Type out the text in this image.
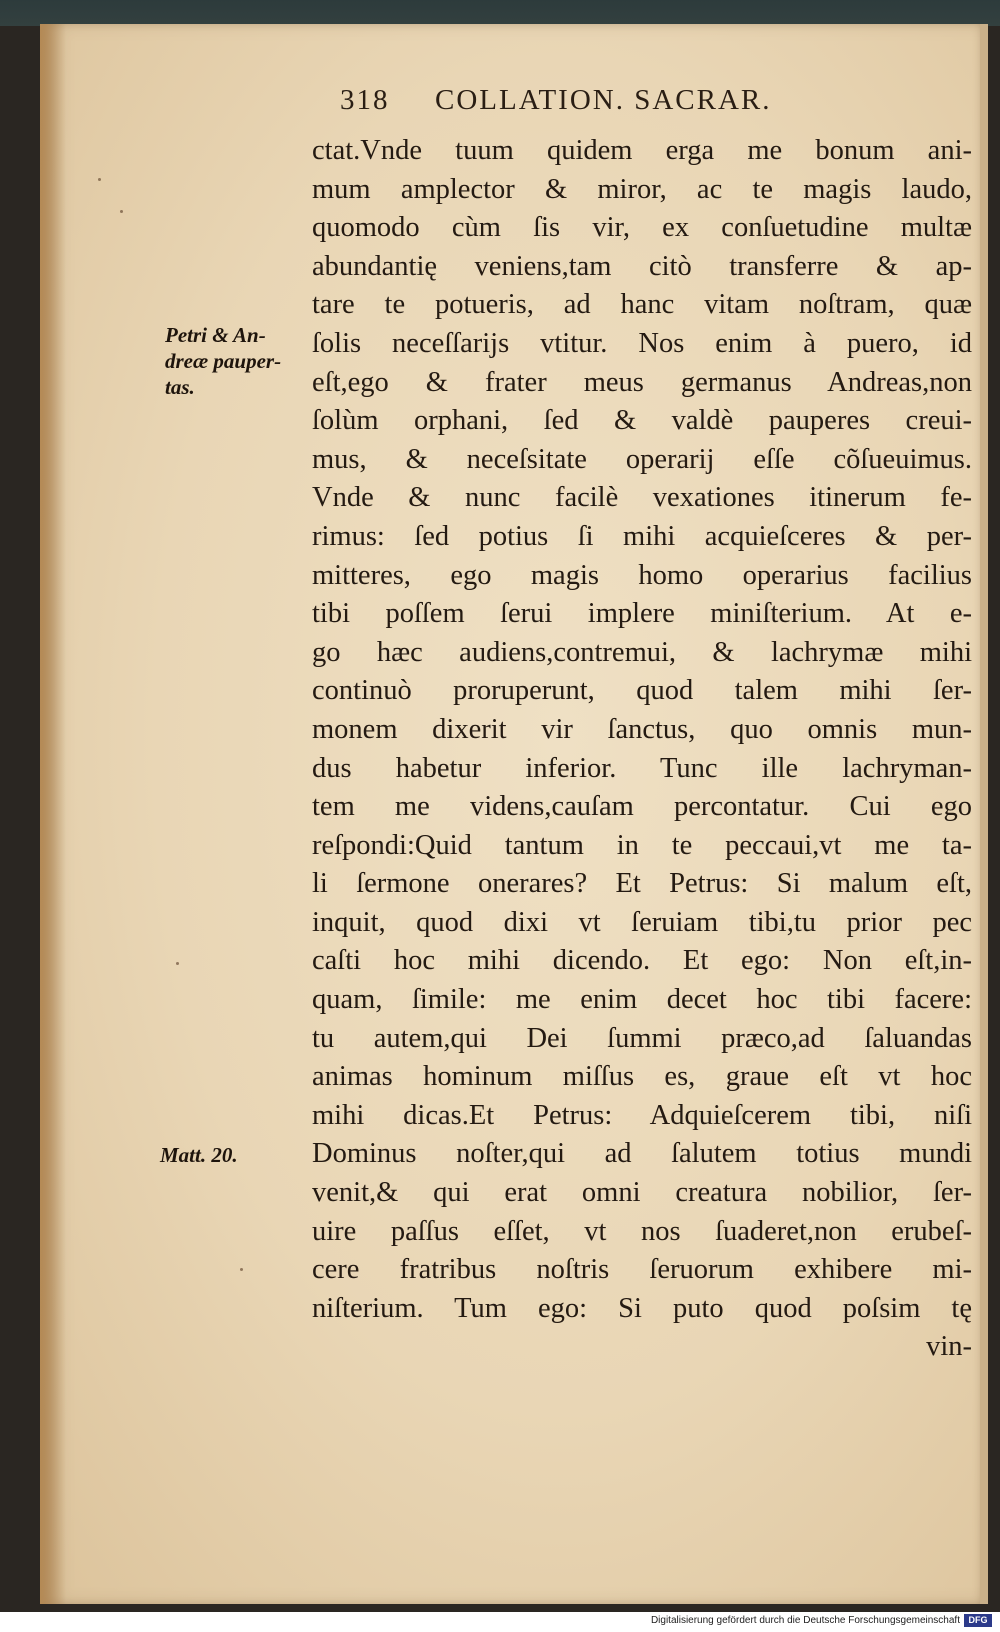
318 COLLATION. SACRAR.
Petri & An-
dreæ pauper-
tas.
Matt. 20.
ctat.Vnde tuum quidem erga me bonum ani-
mum amplector & miror, ac te magis laudo,
quomodo cùm ſis vir, ex conſuetudine multæ
abundantię veniens,tam citò transferre & ap-
tare te potueris, ad hanc vitam noſtram, quæ
ſolis neceſſarijs vtitur. Nos enim à puero, id
eſt,ego & frater meus germanus Andreas,non
ſolùm orphani, ſed & valdè pauperes creui-
mus, & neceſsitate operarij eſſe cõſueuimus.
Vnde & nunc facilè vexationes itinerum fe-
rimus: ſed potius ſi mihi acquieſceres & per-
mitteres, ego magis homo operarius facilius
tibi poſſem ſerui implere miniſterium. At e-
go hæc audiens,contremui, & lachrymæ mihi
continuò proruperunt, quod talem mihi ſer-
monem dixerit vir ſanctus, quo omnis mun-
dus habetur inferior. Tunc ille lachryman-
tem me videns,cauſam percontatur. Cui ego
reſpondi:Quid tantum in te peccaui,vt me ta-
li ſermone onerares? Et Petrus: Si malum eſt,
inquit, quod dixi vt ſeruiam tibi,tu prior pec
caſti hoc mihi dicendo. Et ego: Non eſt,in-
quam, ſimile: me enim decet hoc tibi facere:
tu autem,qui Dei ſummi præco,ad ſaluandas
animas hominum miſſus es, graue eſt vt hoc
mihi dicas.Et Petrus: Adquieſcerem tibi, niſi
Dominus noſter,qui ad ſalutem totius mundi
venit,& qui erat omni creatura nobilior, ſer-
uire paſſus eſſet, vt nos ſuaderet,non erubeſ-
cere fratribus noſtris ſeruorum exhibere mi-
niſterium. Tum ego: Si puto quod poſsim tę
vin-
Digitalisierung gefördert durch die Deutsche Forschungsgemeinschaft DFG
